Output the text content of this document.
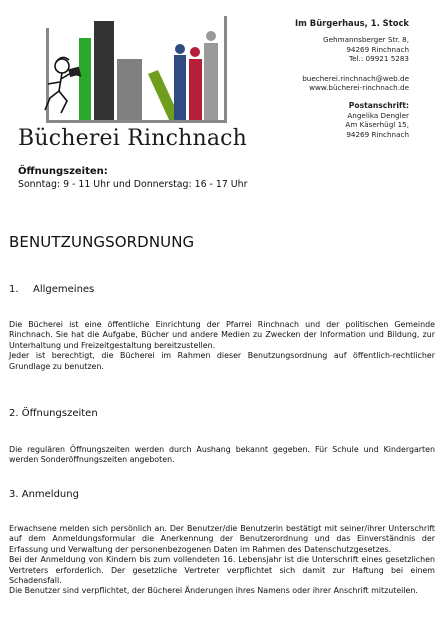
Bücherei Rinchnach
Im Bürgerhaus, 1. Stock
Gehmannsberger Str. 8,
94269 Rinchnach
Tel.: 09921 5283
buecherei.rinchnach@web.de
www.bücherei-rinchnach.de
Postanschrift:
Angelika Dengler
Am Käserhügl 15,
94269 Rinchnach
Öffnungszeiten:
Sonntag: 9 - 11 Uhr und Donnerstag: 16 - 17 Uhr
BENUTZUNGSORDNUNG
1. Allgemeines

Die Bücherei ist eine öffentliche Einrichtung der Pfarrei Rinchnach und der politischen Gemeinde Rinchnach. Sie hat die Aufgabe, Bücher und andere Medien zu Zwecken der Information und Bildung, zur Unterhaltung und Freizeitgestaltung bereitzustellen.

Jeder ist berechtigt, die Bücherei im Rahmen dieser Benutzungsordnung auf öffentlich-rechtlicher Grundlage zu benutzen.

2. Öffnungszeiten

Die regulären Öffnungszeiten werden durch Aushang bekannt gegeben. Für Schule und Kindergarten werden Sonderöffnungszeiten angeboten.

3. Anmeldung

Erwachsene melden sich persönlich an. Der Benutzer/die Benutzerin bestätigt mit seiner/ihrer Unterschrift auf dem Anmeldungsformular die Anerkennung der Benutzerordnung und das Einverständnis der Erfassung und Verwaltung der personenbezogenen Daten im Rahmen des Datenschutzgesetzes.

Bei der Anmeldung von Kindern bis zum vollendeten 16. Lebensjahr ist die Unterschrift eines gesetzlichen Vertreters erforderlich. Der gesetzliche Vertreter verpflichtet sich damit zur Haftung bei einem Schadensfall.

Die Benutzer sind verpflichtet, der Bücherei Änderungen ihres Namens oder ihrer Anschrift mitzuteilen.
